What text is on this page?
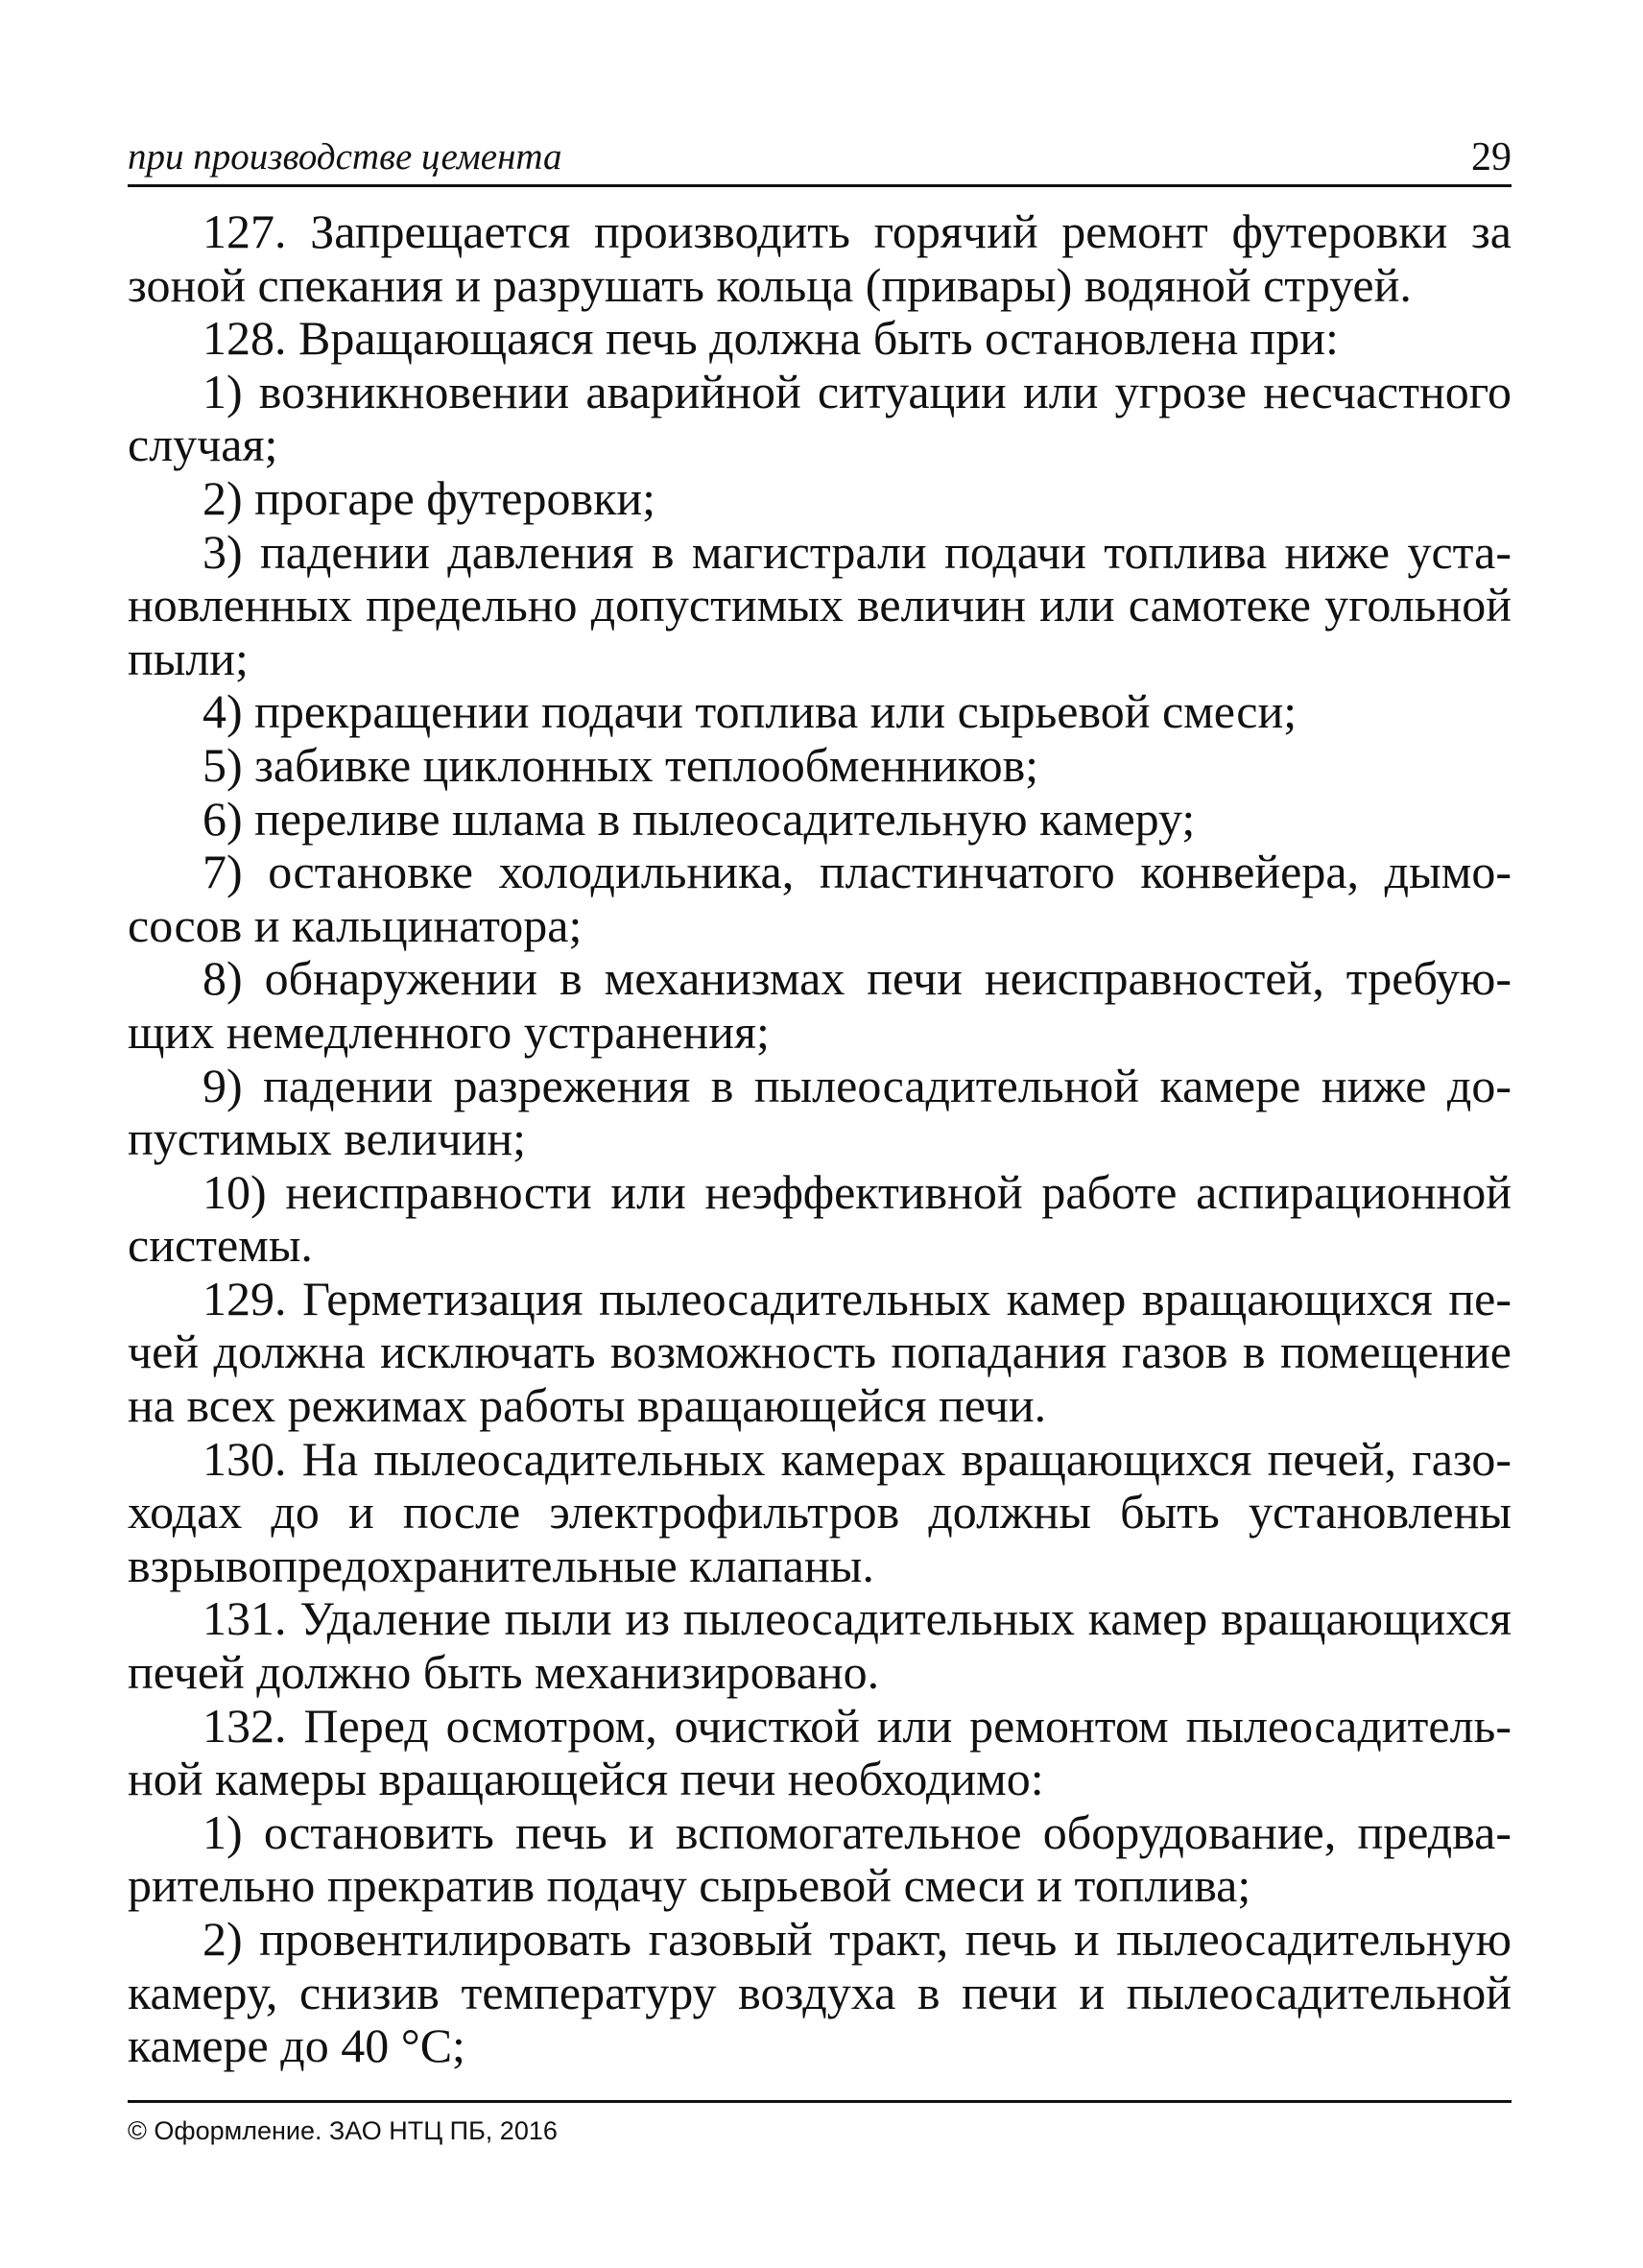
при производстве цемента	29

127. Запрещается производить горячий ремонт футеровки за зоной спекания и разрушать кольца (привары) водяной струей.

128. Вращающаяся печь должна быть остановлена при:

1) возникновении аварийной ситуации или угрозе несчастного случая;

2) прогаре футеровки;

3) падении давления в магистрали подачи топлива ниже установленных предельно допустимых величин или самотеке угольной пыли;

4) прекращении подачи топлива или сырьевой смеси;

5) забивке циклонных теплообменников;

6) переливе шлама в пылеосадительную камеру;

7) остановке холодильника, пластинчатого конвейера, дымососов и кальцинатора;

8) обнаружении в механизмах печи неисправностей, требующих немедленного устранения;

9) падении разрежения в пылеосадительной камере ниже допустимых величин;

10) неисправности или неэффективной работе аспирационной системы.

129. Герметизация пылеосадительных камер вращающихся печей должна исключать возможность попадания газов в помещение на всех режимах работы вращающейся печи.

130. На пылеосадительных камерах вращающихся печей, газоходах до и после электрофильтров должны быть установлены взрывопредохранительные клапаны.

131. Удаление пыли из пылеосадительных камер вращающихся печей должно быть механизировано.

132. Перед осмотром, очисткой или ремонтом пылеосадительной камеры вращающейся печи необходимо:

1) остановить печь и вспомогательное оборудование, предварительно прекратив подачу сырьевой смеси и топлива;

2) провентилировать газовый тракт, печь и пылеосадительную камеру, снизив температуру воздуха в печи и пылеосадительной камере до 40 °С;

© Оформление. ЗАО НТЦ ПБ, 2016
